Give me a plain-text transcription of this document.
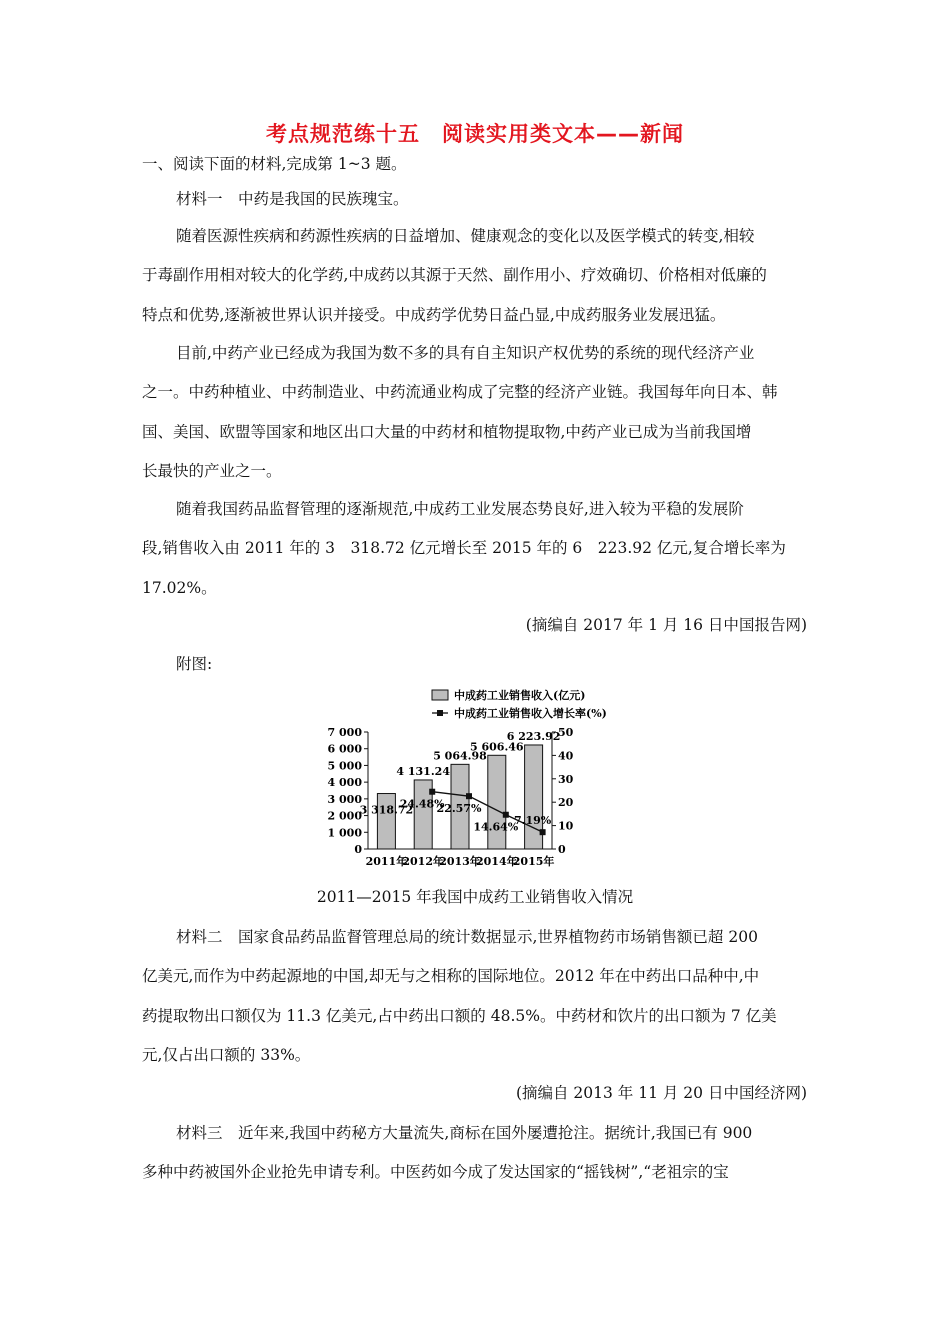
考点规范练十五　阅读实用类文本——新闻
一、阅读下面的材料,完成第 1~3 题。
材料一　中药是我国的民族瑰宝。
随着医源性疾病和药源性疾病的日益增加、健康观念的变化以及医学模式的转变,相较
于毒副作用相对较大的化学药,中成药以其源于天然、副作用小、疗效确切、价格相对低廉的
特点和优势,逐渐被世界认识并接受。中成药学优势日益凸显,中成药服务业发展迅猛。
目前,中药产业已经成为我国为数不多的具有自主知识产权优势的系统的现代经济产业
之一。中药种植业、中药制造业、中药流通业构成了完整的经济产业链。我国每年向日本、韩
国、美国、欧盟等国家和地区出口大量的中药材和植物提取物,中药产业已成为当前我国增
长最快的产业之一。
随着我国药品监督管理的逐渐规范,中成药工业发展态势良好,进入较为平稳的发展阶
段,销售收入由 2011 年的 3　318.72 亿元增长至 2015 年的 6　223.92 亿元,复合增长率为
17.02%。
(摘编自 2017 年 1 月 16 日中国报告网)
附图:
中成药工业销售收入(亿元)
中成药工业销售收入增长率(%)
0
1 000
2 000
3 000
4 000
5 000
6 000
7 000
0
10
20
30
40
50
2011年
2012年
2013年
2014年
2015年
3 318.72
4 131.24
5 064.98
5 606.46
6 223.92
24.48%
22.57%
14.64%
7.19%
2011—2015 年我国中成药工业销售收入情况
材料二　国家食品药品监督管理总局的统计数据显示,世界植物药市场销售额已超 200
亿美元,而作为中药起源地的中国,却无与之相称的国际地位。2012 年在中药出口品种中,中
药提取物出口额仅为 11.3 亿美元,占中药出口额的 48.5%。中药材和饮片的出口额为 7 亿美
元,仅占出口额的 33%。
(摘编自 2013 年 11 月 20 日中国经济网)
材料三　近年来,我国中药秘方大量流失,商标在国外屡遭抢注。据统计,我国已有 900
多种中药被国外企业抢先申请专利。中医药如今成了发达国家的“摇钱树”,“老祖宗的宝
